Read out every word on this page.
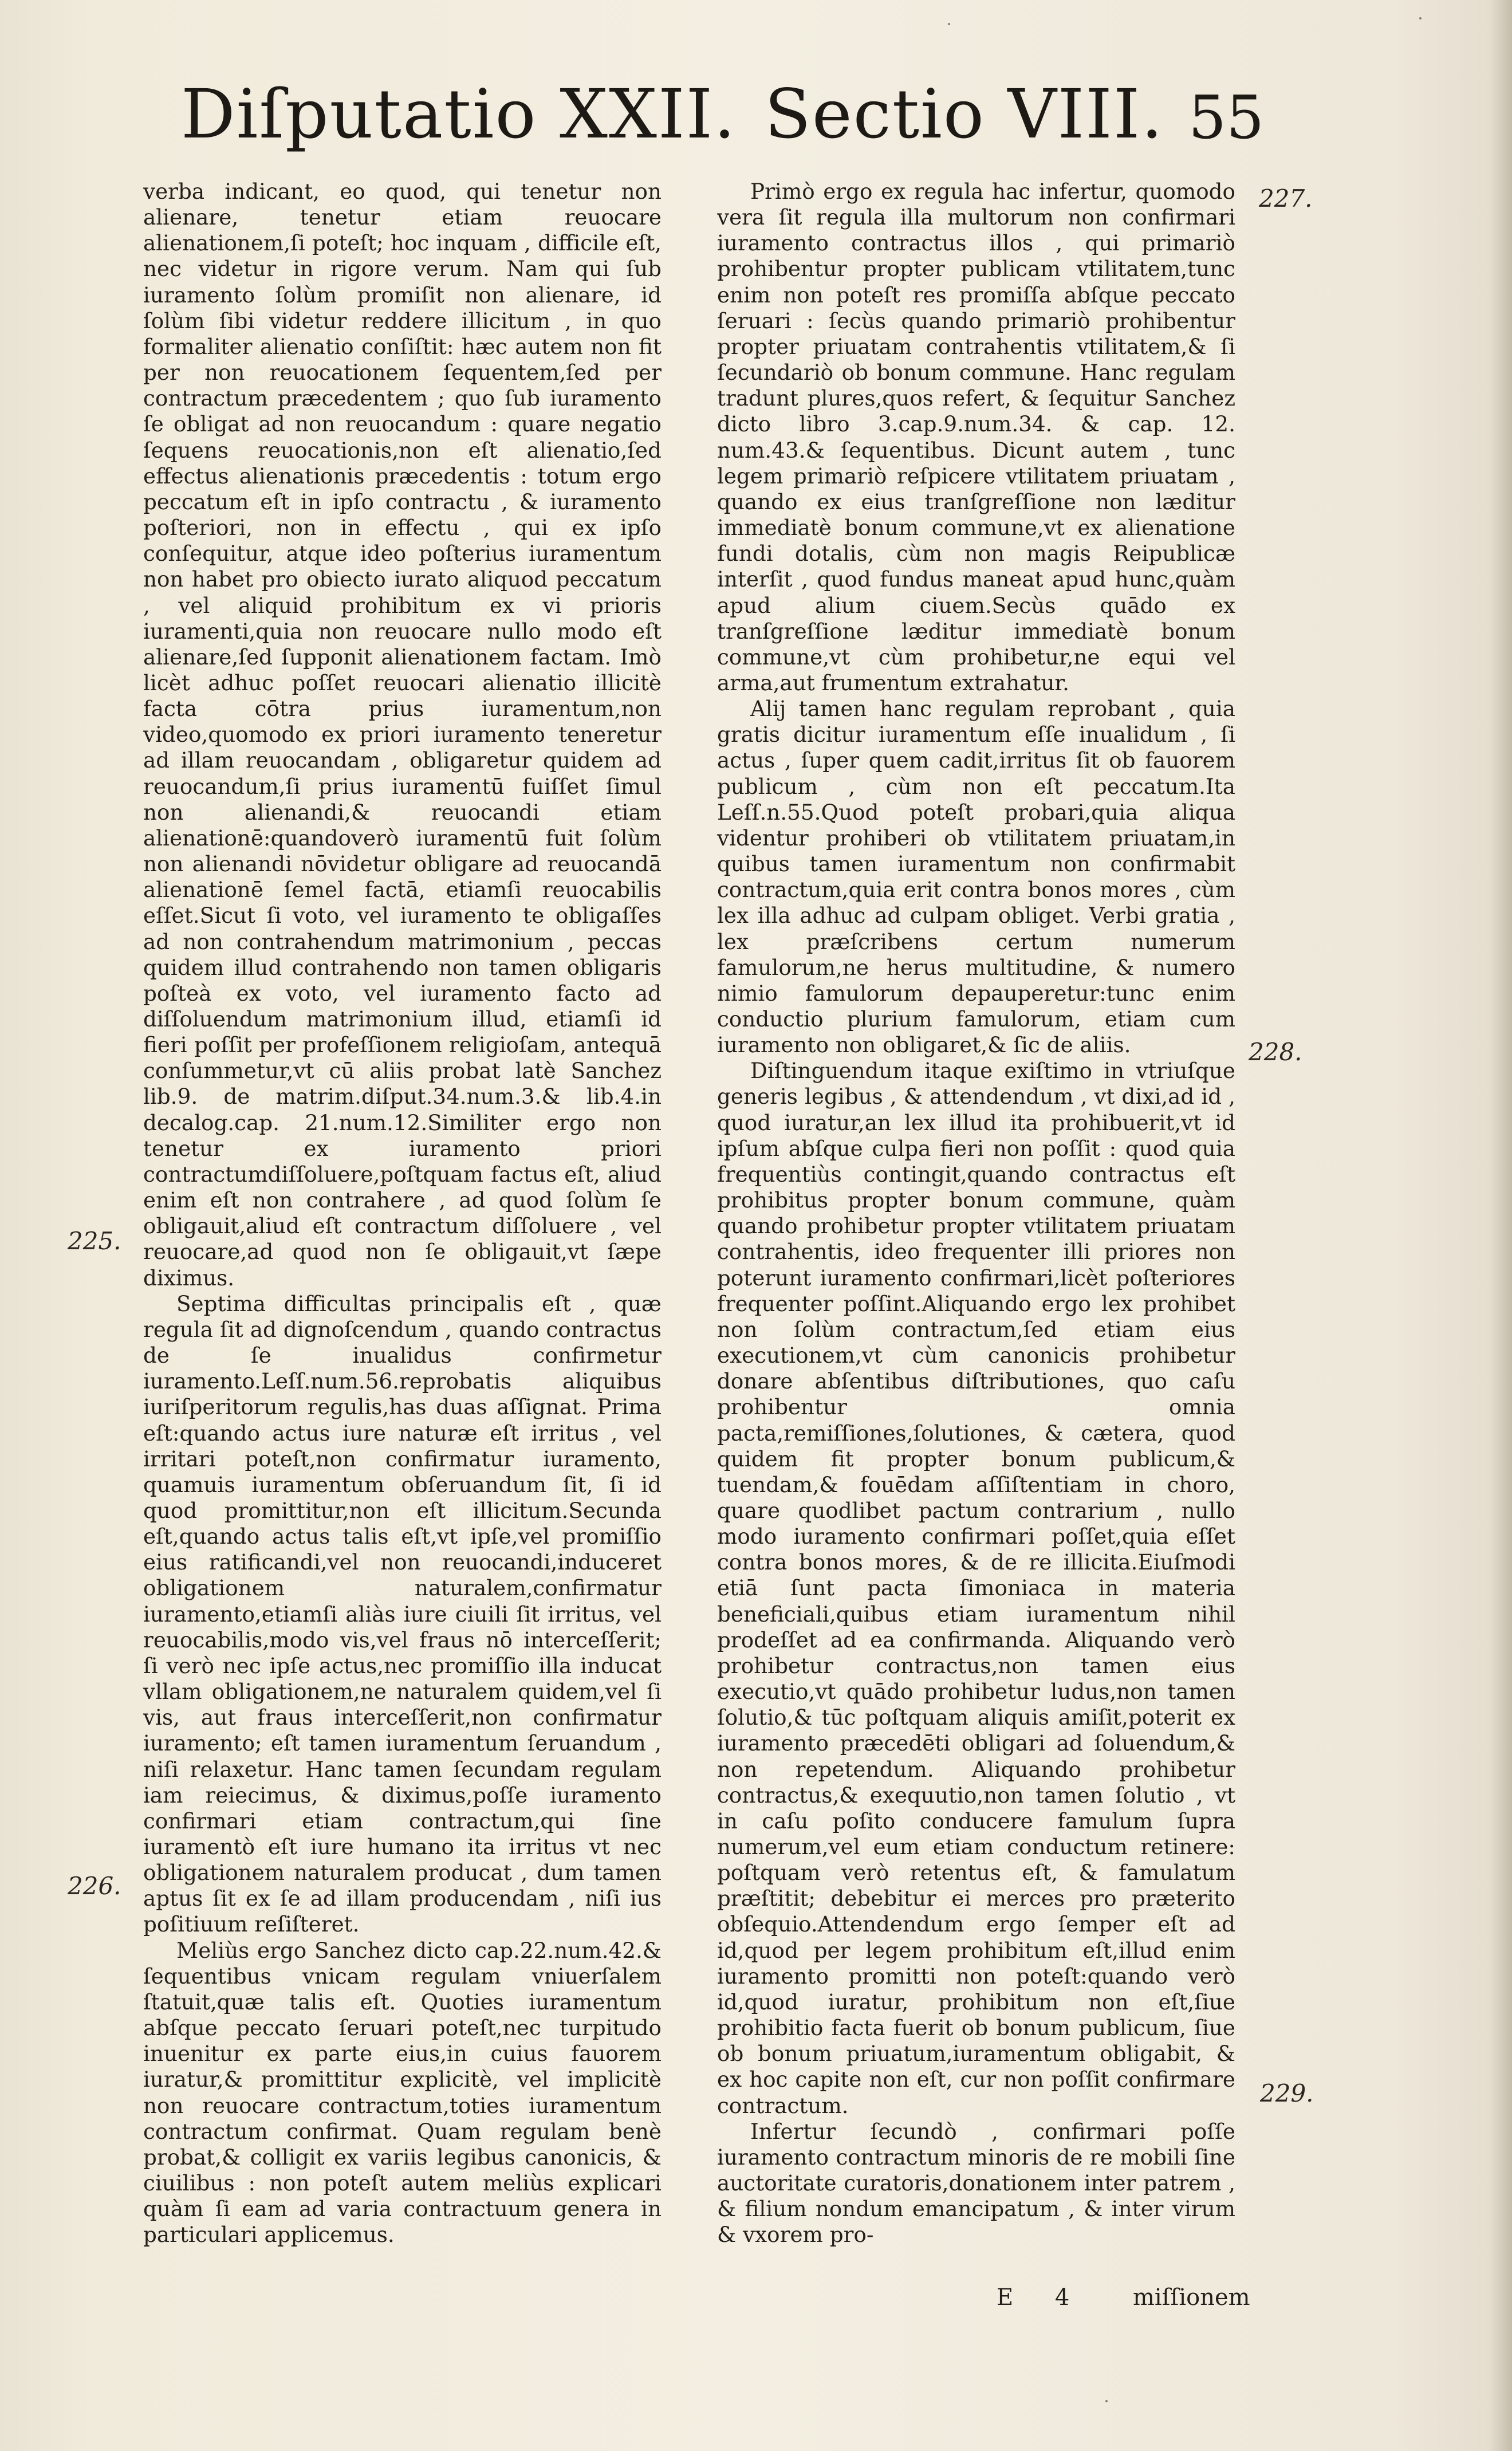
Diſputatio XXII. Sectio VIII. 55

verba indicant, eo quod, qui tenetur non alienare, tenetur etiam reuocare alienationem,ſi poteſt; hoc inquam , difficile eſt, nec videtur in rigore verum. Nam qui ſub iuramento ſolùm promiſit non alienare, id ſolùm ſibi videtur reddere illicitum , in quo formaliter alienatio conſiſtit: hæc autem non fit per non reuocationem ſequentem,ſed per contractum præcedentem ; quo ſub iuramento ſe obligat ad non reuocandum : quare negatio ſequens reuocationis,non eſt alienatio,ſed effectus alienationis præcedentis : totum ergo peccatum eſt in ipſo contractu , & iuramento poſteriori, non in effectu , qui ex ipſo conſequitur, atque ideo poſterius iuramentum non habet pro obiecto iurato aliquod peccatum , vel aliquid prohibitum ex vi prioris iuramenti,quia non reuocare nullo modo eſt alienare,ſed ſupponit alienationem factam. Imò licèt adhuc poſſet reuocari alienatio illicitè facta cōtra prius iuramentum,non video,quomodo ex priori iuramento teneretur ad illam reuocandam , obligaretur quidem ad reuocandum,ſi prius iuramentū fuiſſet ſimul non alienandi,& reuocandi etiam alienationē:quandoverò iuramentū fuit ſolùm non alienandi nōvidetur obligare ad reuocandā alienationē ſemel factā, etiamſi reuocabilis eſſet.Sicut ſi voto, vel iuramento te obligaſſes ad non contrahendum matrimonium , peccas quidem illud contrahendo non tamen obligaris poſteà ex voto, vel iuramento facto ad diſſoluendum matrimonium illud, etiamſi id fieri poſſit per profeſſionem religioſam, antequā conſummetur,vt cū aliis probat latè Sanchez lib.9. de matrim.diſput.34.num.3.& lib.4.in decalog.cap. 21.num.12.Similiter ergo non tenetur ex iuramento priori contractumdiſſoluere,poſtquam factus eſt, aliud enim eſt non contrahere , ad quod ſolùm ſe obligauit,aliud eſt contractum diſſoluere , vel reuocare,ad quod non ſe obligauit,vt ſæpe diximus.

Septima difficultas principalis eſt , quæ regula ſit ad dignoſcendum , quando contractus de ſe inualidus confirmetur iuramento.Leſſ.num.56.reprobatis aliquibus iuriſperitorum regulis,has duas aſſignat. Prima eſt:quando actus iure naturæ eſt irritus , vel irritari poteſt,non confirmatur iuramento, quamuis iuramentum obſeruandum ſit, ſi id quod promittitur,non eſt illicitum.Secunda eſt,quando actus talis eſt,vt ipſe,vel promiſſio eius ratificandi,vel non reuocandi,induceret obligationem naturalem,confirmatur iuramento,etiamſi aliàs iure ciuili ſit irritus, vel reuocabilis,modo vis,vel fraus nō interceſſerit; ſi verò nec ipſe actus,nec promiſſio illa inducat vllam obligationem,ne naturalem quidem,vel ſi vis, aut fraus interceſſerit,non confirmatur iuramento; eſt tamen iuramentum ſeruandum , niſi relaxetur. Hanc tamen ſecundam regulam iam reiecimus, & diximus,poſſe iuramento confirmari etiam contractum,qui ſine iuramentò eſt iure humano ita irritus vt nec obligationem naturalem producat , dum tamen aptus ſit ex ſe ad illam producendam , niſi ius poſitiuum reſiſteret.

Meliùs ergo Sanchez dicto cap.22.num.42.& ſequentibus vnicam regulam vniuerſalem ſtatuit,quæ talis eſt. Quoties iuramentum abſque peccato ſeruari poteſt,nec turpitudo inuenitur ex parte eius,in cuius fauorem iuratur,& promittitur explicitè, vel implicitè non reuocare contractum,toties iuramentum contractum confirmat. Quam regulam benè probat,& colligit ex variis legibus canonicis, & ciuilibus : non poteſt autem meliùs explicari quàm ſi eam ad varia contractuum genera in particulari applicemus.

Primò ergo ex regula hac infertur, quomodo vera ſit regula illa multorum non confirmari iuramento contractus illos , qui primariò prohibentur propter publicam vtilitatem,tunc enim non poteſt res promiſſa abſque peccato ſeruari : ſecùs quando primariò prohibentur propter priuatam contrahentis vtilitatem,& ſi ſecundariò ob bonum commune. Hanc regulam tradunt plures,quos refert, & ſequitur Sanchez dicto libro 3.cap.9.num.34. & cap. 12. num.43.& ſequentibus. Dicunt autem , tunc legem primariò reſpicere vtilitatem priuatam , quando ex eius tranſgreſſione non læditur immediatè bonum commune,vt ex alienatione fundi dotalis, cùm non magis Reipublicæ interſit , quod fundus maneat apud hunc,quàm apud alium ciuem.Secùs quādo ex tranſgreſſione læditur immediatè bonum commune,vt cùm prohibetur,ne equi vel arma,aut frumentum extrahatur.

Alij tamen hanc regulam reprobant , quia gratis dicitur iuramentum eſſe inualidum , ſi actus , ſuper quem cadit,irritus ſit ob fauorem publicum , cùm non eſt peccatum.Ita Leſſ.n.55.Quod poteſt probari,quia aliqua videntur prohiberi ob vtilitatem priuatam,in quibus tamen iuramentum non confirmabit contractum,quia erit contra bonos mores , cùm lex illa adhuc ad culpam obliget. Verbi gratia , lex præſcribens certum numerum famulorum,ne herus multitudine, & numero nimio famulorum depauperetur:tunc enim conductio plurium famulorum, etiam cum iuramento non obligaret,& ſic de aliis.

Diſtinguendum itaque exiſtimo in vtriuſque generis legibus , & attendendum , vt dixi,ad id , quod iuratur,an lex illud ita prohibuerit,vt id ipſum abſque culpa fieri non poſſit : quod quia frequentiùs contingit,quando contractus eſt prohibitus propter bonum commune, quàm quando prohibetur propter vtilitatem priuatam contrahentis, ideo frequenter illi priores non poterunt iuramento confirmari,licèt poſteriores frequenter poſſint.Aliquando ergo lex prohibet non ſolùm contractum,ſed etiam eius executionem,vt cùm canonicis prohibetur donare abſentibus diſtributiones, quo caſu prohibentur omnia pacta,remiſſiones,ſolutiones, & cætera, quod quidem fit propter bonum publicum,& tuendam,& fouēdam aſſiſtentiam in choro, quare quodlibet pactum contrarium , nullo modo iuramento confirmari poſſet,quia eſſet contra bonos mores, & de re illicita.Eiuſmodi etiā ſunt pacta ſimoniaca in materia beneficiali,quibus etiam iuramentum nihil prodeſſet ad ea confirmanda. Aliquando verò prohibetur contractus,non tamen eius executio,vt quādo prohibetur ludus,non tamen ſolutio,& tūc poſtquam aliquis amiſit,poterit ex iuramento præcedēti obligari ad ſoluendum,& non repetendum. Aliquando prohibetur contractus,& exequutio,non tamen ſolutio , vt in caſu poſito conducere famulum ſupra numerum,vel eum etiam conductum retinere: poſtquam verò retentus eſt, & famulatum præſtitit; debebitur ei merces pro præterito obſequio.Attendendum ergo ſemper eſt ad id,quod per legem prohibitum eſt,illud enim iuramento promitti non poteſt:quando verò id,quod iuratur, prohibitum non eſt,ſiue prohibitio facta fuerit ob bonum publicum, ſiue ob bonum priuatum,iuramentum obligabit, & ex hoc capite non eſt, cur non poſſit confirmare contractum.

Infertur ſecundò , confirmari poſſe iuramento contractum minoris de re mobili ſine auctoritate curatoris,donationem inter patrem , & filium nondum emancipatum , & inter virum & vxorem pro-

225.
226.
227.
228.
229.
E 4 miſſionem
